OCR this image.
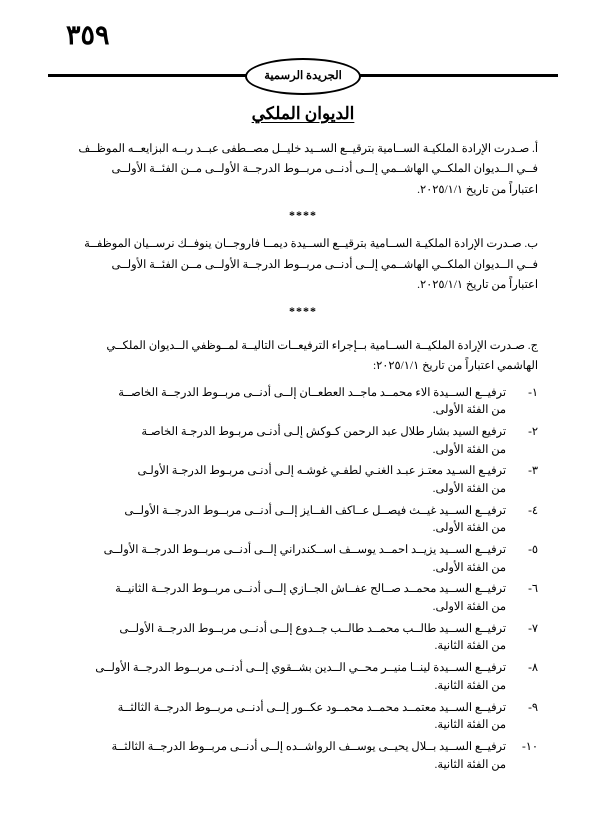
٣٥٩
الجريدة الرسمية
الديوان الملكي

أ. صـدرت الإرادة الملكيـة الســامية بترقيــع الســيد خليــل مصــطفى عبــد ربــه البزايعــه الموظــف

فــي الــديوان الملكــي الهاشــمي إلــى أدنــى مربــوط الدرجــة الأولــى مــن الفئــة الأولــى

اعتباراً من تاريخ ٢٠٢٥/١/١.

****

ب. صـدرت الإرادة الملكيـة الســامية بترقيــع الســيدة ديمــا فاروجــان ينوفــك نرســيان الموظفــة

فــي الــديوان الملكــي الهاشــمي إلــى أدنــى مربــوط الدرجــة الأولــى مــن الفئــة الأولــى

اعتباراً من تاريخ ٢٠٢٥/١/١.

****

ج. صـدرت الإرادة الملكيــة الســامية بــإجراء الترفيعــات التاليــة لمــوظفي الــديوان الملكــي

الهاشمي اعتباراً من تاريخ ٢٠٢٥/١/١:

١-
ترفيــع الســيدة الاء محمــد ماجــد العطعــان إلــى أدنــى مربــوط الدرجــة الخاصــة
من الفئة الأولى.
٢-
ترفيع السيد بشار طلال عبد الرحمن كـوكش إلـى أدنـى مربـوط الدرجـة الخاصـة
من الفئة الأولى.
٣-
ترفيـع السـيد معتـز عبـد الغنـي لطفـي غوشـه إلـى أدنـى مربـوط الدرجـة الأولـى
من الفئة الأولى.
٤-
ترفيــع الســيد غيــث فيصــل عــاكف الفــايز إلــى أدنــى مربــوط الدرجــة الأولــى
من الفئة الأولى.
٥-
ترفيــع الســيد يزيــد احمــد يوســف اســكندراني إلــى أدنــى مربــوط الدرجــة الأولــى
من الفئة الأولى.
٦-
ترفيــع الســيد محمــد صــالح عفــاش الجــازي إلــى أدنــى مربــوط الدرجــة الثانيــة
من الفئة الاولى.
٧-
ترفيــع الســيد طالــب محمــد طالــب جــدوع إلــى أدنــى مربــوط الدرجــة الأولــى
من الفئة الثانية.
٨-
ترفيــع الســيدة لينــا منيــر محــي الــدين بشــقوي إلــى أدنــى مربــوط الدرجــة الأولــى
من الفئة الثانية.
٩-
ترفيــع الســيد معتمــد محمــد محمــود عكــور إلــى أدنــى مربــوط الدرجــة الثالثــة
من الفئة الثانية.
١٠-
ترفيــع الســيد بــلال يحيــى يوســف الرواشــده إلــى أدنــى مربــوط الدرجــة الثالثــة
من الفئة الثانية.
